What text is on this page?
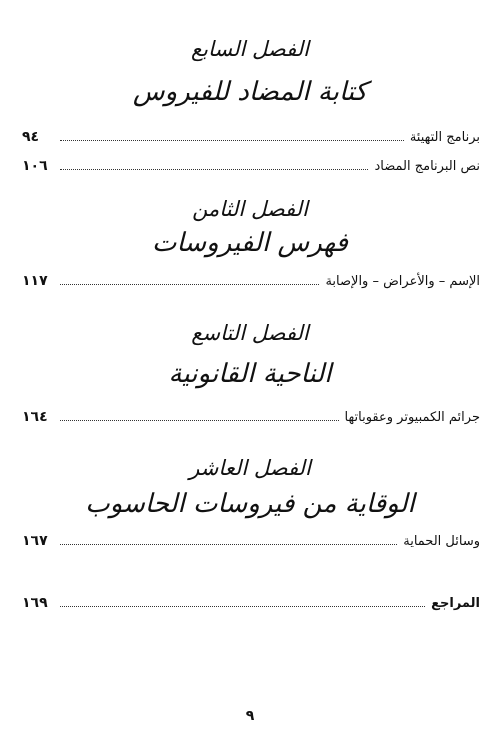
الفصل السابع
كتابة المضاد للفيروس
برنامج التهيئة
٩٤
نص البرنامج المضاد
١٠٦
الفصل الثامن
فهرس الفيروسات
الإسم – والأعراض – والإصابة
١١٧
الفصل التاسع
الناحية القانونية
جرائم الكمبيوتر وعقوباتها
١٦٤
الفصل العاشر
الوقاية من فيروسات الحاسوب
وسائل الحماية
١٦٧
المراجع
١٦٩
٩
